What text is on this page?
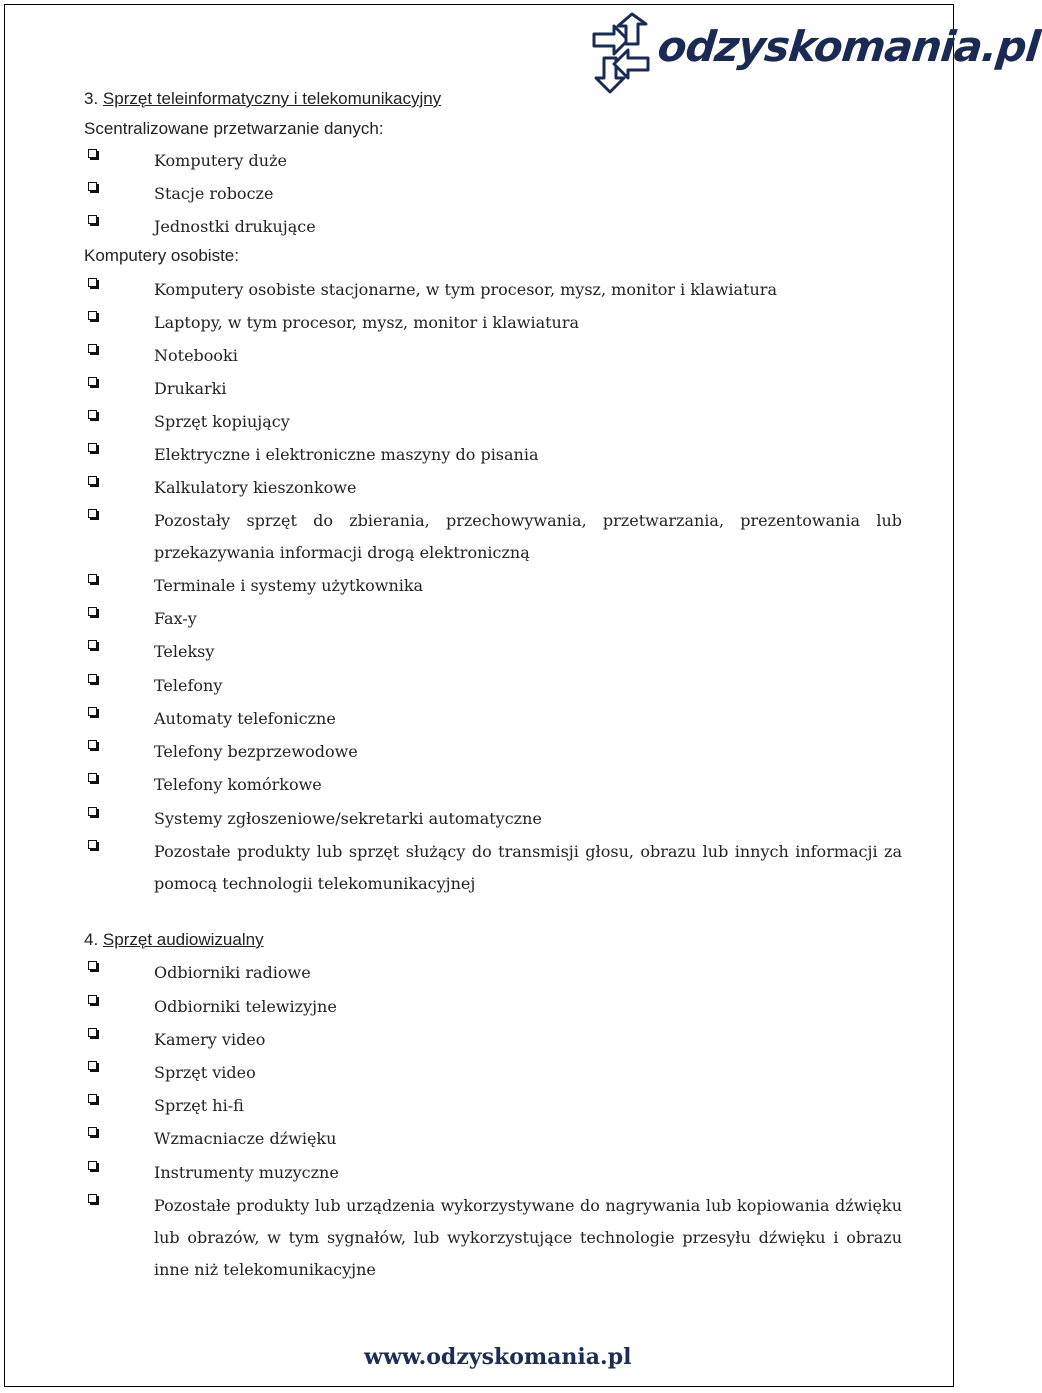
odzyskomania.pl
3. Sprzęt teleinformatyczny i telekomunikacyjny
Scentralizowane przetwarzanie danych:
Komputery duże
Stacje robocze
Jednostki drukujące
Komputery osobiste:
Komputery osobiste stacjonarne, w tym procesor, mysz, monitor i klawiatura
Laptopy, w tym procesor, mysz, monitor i klawiatura
Notebooki
Drukarki
Sprzęt kopiujący
Elektryczne i elektroniczne maszyny do pisania
Kalkulatory kieszonkowe
Pozostały sprzęt do zbierania, przechowywania, przetwarzania, prezentowania lub przekazywania informacji drogą elektroniczną
Terminale i systemy użytkownika
Fax-y
Teleksy
Telefony
Automaty telefoniczne
Telefony bezprzewodowe
Telefony komórkowe
Systemy zgłoszeniowe/sekretarki automatyczne
Pozostałe produkty lub sprzęt służący do transmisji głosu, obrazu lub innych informacji za pomocą technologii telekomunikacyjnej
4. Sprzęt audiowizualny
Odbiorniki radiowe
Odbiorniki telewizyjne
Kamery video
Sprzęt video
Sprzęt hi-fi
Wzmacniacze dźwięku
Instrumenty muzyczne
Pozostałe produkty lub urządzenia wykorzystywane do nagrywania lub kopiowania dźwięku lub obrazów, w tym sygnałów, lub wykorzystujące technologie przesyłu dźwięku i obrazu inne niż telekomunikacyjne
www.odzyskomania.pl
